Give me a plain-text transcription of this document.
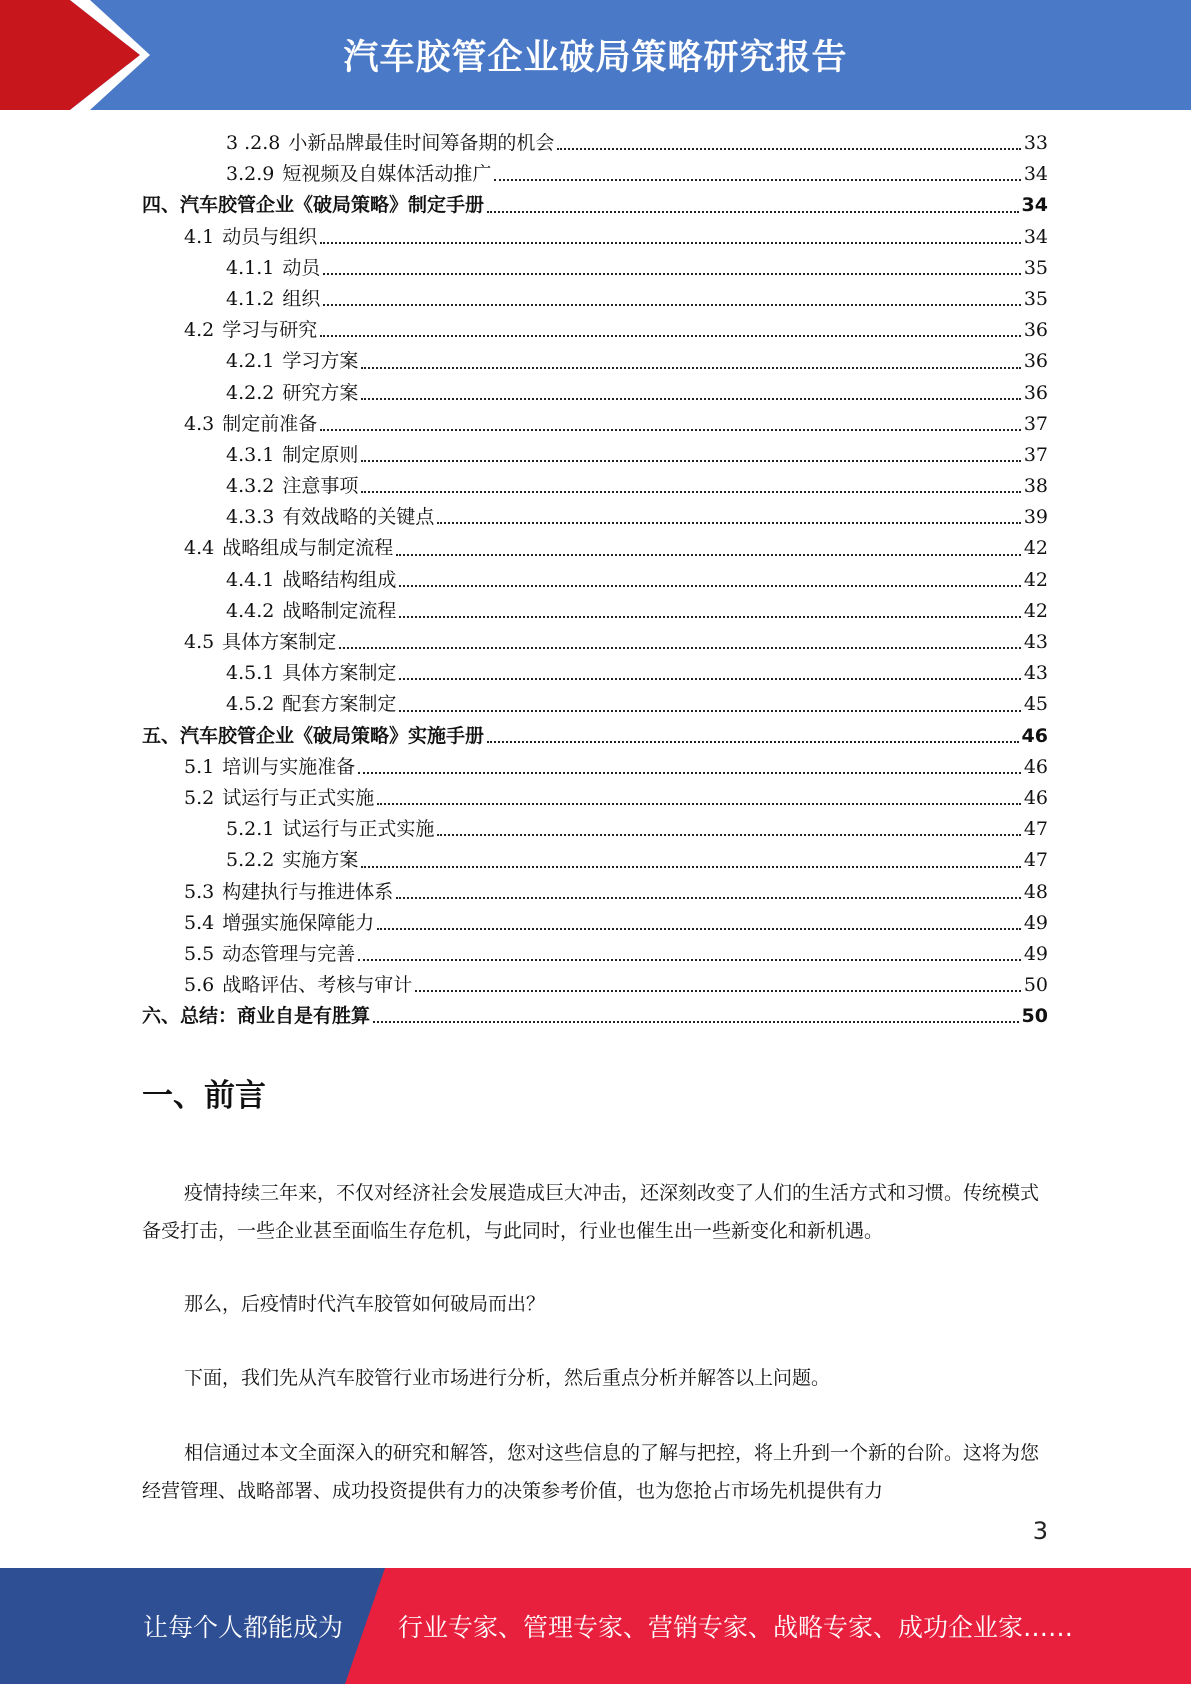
汽车胶管企业破局策略研究报告
3 .2.8 小新品牌最佳时间筹备期的机会	33
3.2.9 短视频及自媒体活动推广	34
四、汽车胶管企业《破局策略》制定手册	34
4.1 动员与组织	34
4.1.1 动员	35
4.1.2 组织	35
4.2 学习与研究	36
4.2.1 学习方案	36
4.2.2 研究方案	36
4.3 制定前准备	37
4.3.1 制定原则	37
4.3.2 注意事项	38
4.3.3 有效战略的关键点	39
4.4 战略组成与制定流程	42
4.4.1 战略结构组成	42
4.4.2 战略制定流程	42
4.5 具体方案制定	43
4.5.1 具体方案制定	43
4.5.2 配套方案制定	45
五、汽车胶管企业《破局策略》实施手册	46
5.1 培训与实施准备	46
5.2 试运行与正式实施	46
5.2.1 试运行与正式实施	47
5.2.2 实施方案	47
5.3 构建执行与推进体系	48
5.4 增强实施保障能力	49
5.5 动态管理与完善	49
5.6 战略评估、考核与审计	50
六、总结：商业自是有胜算	50
一、前言

疫情持续三年来，不仅对经济社会发展造成巨大冲击，还深刻改变了人们的生活方式和习惯。传统模式备受打击，一些企业甚至面临生存危机，与此同时，行业也催生出一些新变化和新机遇。

那么，后疫情时代汽车胶管如何破局而出？

下面，我们先从汽车胶管行业市场进行分析，然后重点分析并解答以上问题。

相信通过本文全面深入的研究和解答，您对这些信息的了解与把控，将上升到一个新的台阶。这将为您经营管理、战略部署、成功投资提供有力的决策参考价值，也为您抢占市场先机提供有力

3
让每个人都能成为 行业专家、管理专家、营销专家、战略专家、成功企业家……
